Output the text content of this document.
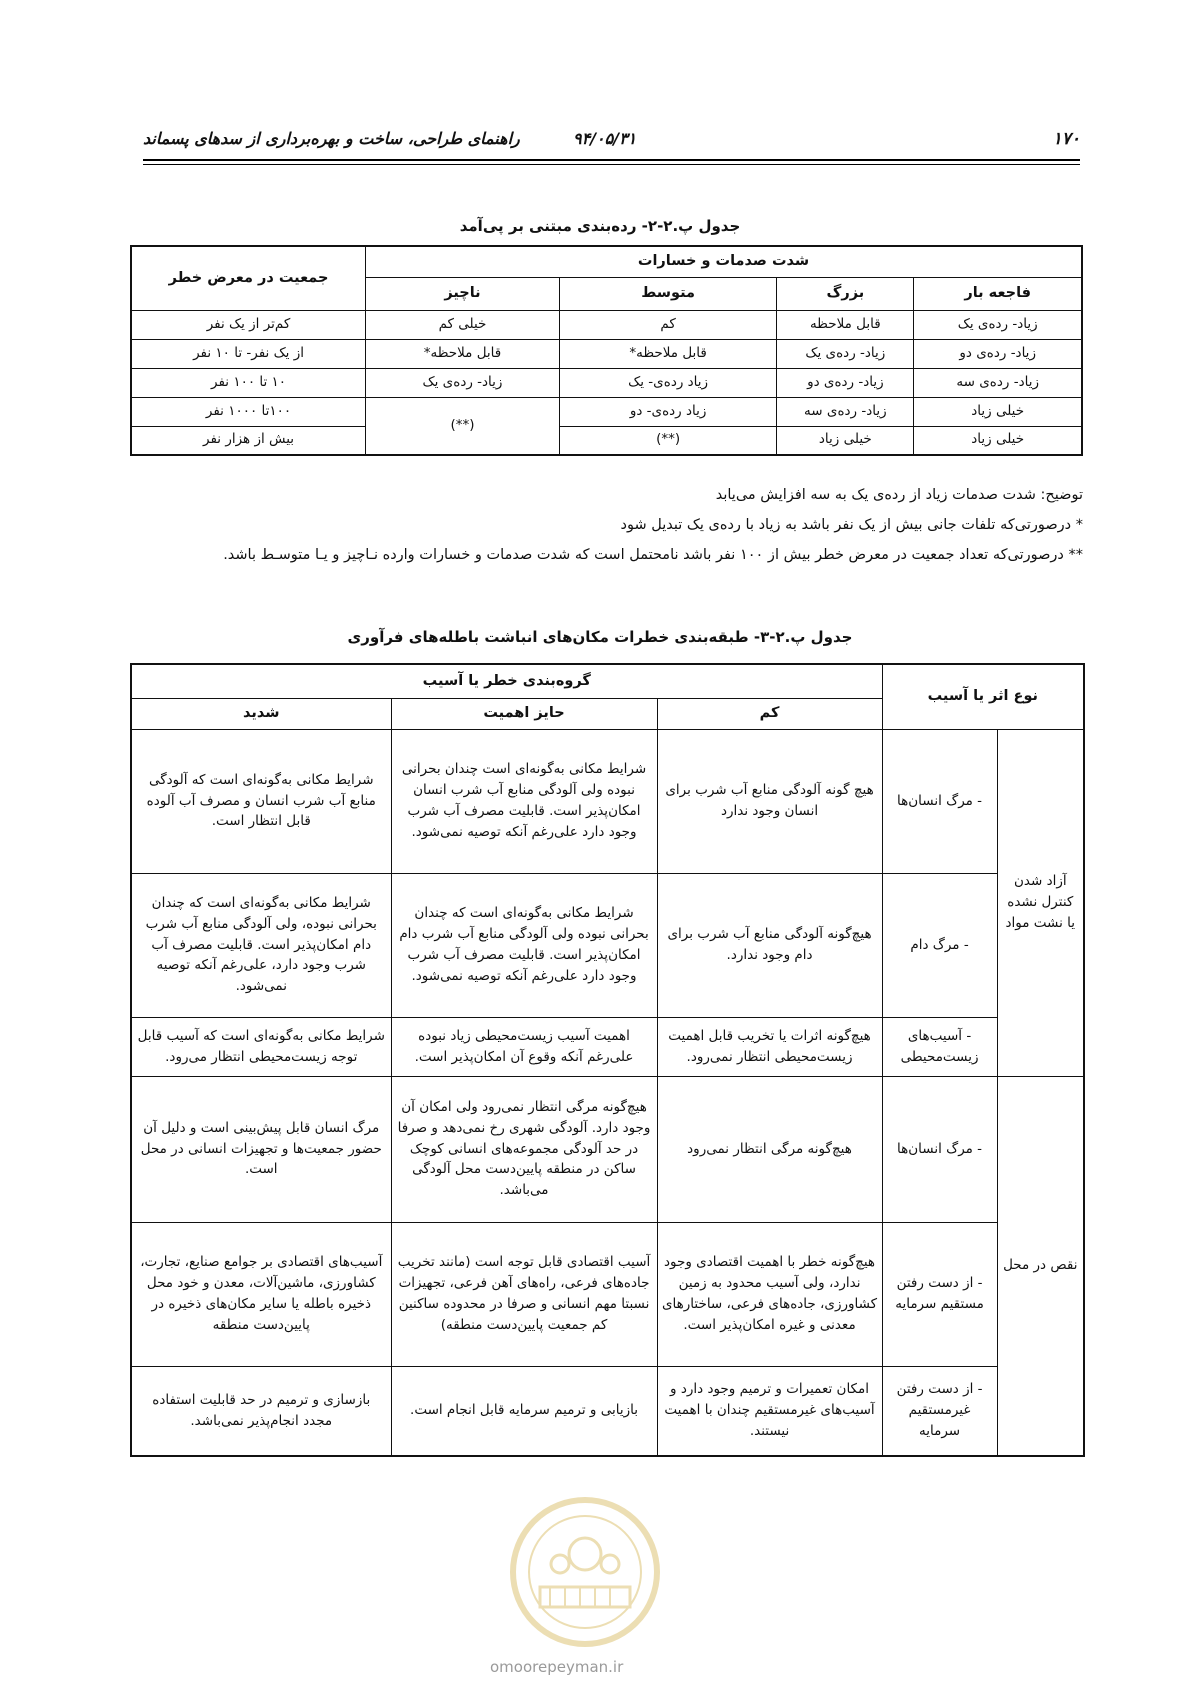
۱۷۰
۹۴/۰۵/۳۱
راهنمای طراحی، ساخت و بهره‌برداری از سدهای پسماند
جدول پ.۲-۲- رده‌بندی مبتنی بر پی‌آمد
شدت صدمات و خسارات				جمعیت در معرض خطر
فاجعه بار	بزرگ	متوسط	ناچیز	
زیاد- رده‌ی یک	قابل ملاحظه	کم	خیلی کم	کم‌تر از یک نفر
زیاد- رده‌ی دو	زیاد- رده‌ی یک	قابل ملاحظه*	قابل ملاحظه*	از یک نفر- تا ۱۰ نفر
زیاد- رده‌ی سه	زیاد- رده‌ی دو	زیاد رده‌ی- یک	زیاد- رده‌ی یک	۱۰ تا ۱۰۰ نفر
خیلی زیاد	زیاد- رده‌ی سه	زیاد رده‌ی- دو	(**)	۱۰۰تا ۱۰۰۰ نفر
خیلی زیاد	خیلی زیاد	(**)		بیش از هزار نفر

توضیح: شدت صدمات زیاد از رده‌ی یک به سه افزایش می‌یابد

* درصورتی‌که تلفات جانی بیش از یک نفر باشد به زیاد با رده‌ی یک تبدیل شود

** درصورتی‌که تعداد جمعیت در معرض خطر بیش از ۱۰۰ نفر باشد نامحتمل است که شدت صدمات و خسارات وارده نـاچیز و یـا متوسـط باشد.

جدول پ.۲-۳- طبقه‌بندی خطرات مکان‌های انباشت باطله‌های فرآوری
نوع اثر یا آسیب		گروه‌بندی خطر یا آسیب		
		کم	حایز اهمیت	شدید
آزاد شدن کنترل نشده یا نشت مواد	- مرگ انسان‌ها	هیچ گونه آلودگی منابع آب شرب برای انسان وجود ندارد	شرایط مکانی به‌گونه‌ای است چندان بحرانی نبوده ولی آلودگی منابع آب شرب انسان امکان‌پذیر است. قابلیت مصرف آب شرب وجود دارد علی‌رغم آنکه توصیه نمی‌شود.	شرایط مکانی به‌گونه‌ای است که آلودگی منابع آب شرب انسان و مصرف آب آلوده قابل انتظار است.
	- مرگ دام	هیچ‌گونه آلودگی منابع آب شرب برای دام وجود ندارد.	شرایط مکانی به‌گونه‌ای است که چندان بحرانی نبوده ولی آلودگی منابع آب شرب دام امکان‌پذیر است. قابلیت مصرف آب شرب وجود دارد علی‌رغم آنکه توصیه نمی‌شود.	شرایط مکانی به‌گونه‌ای است که چندان بحرانی نبوده، ولی آلودگی منابع آب شرب دام امکان‌پذیر است. قابلیت مصرف آب شرب وجود دارد، علی‌رغم آنکه توصیه نمی‌شود.
	- آسیب‌های زیست‌محیطی	هیچ‌گونه اثرات یا تخریب قابل اهمیت زیست‌محیطی انتظار نمی‌رود.	اهمیت آسیب زیست‌محیطی زیاد نبوده علی‌رغم آنکه وقوع آن امکان‌پذیر است.	شرایط مکانی به‌گونه‌ای است که آسیب قابل توجه زیست‌محیطی انتظار می‌رود.
نقص در محل	- مرگ انسان‌ها	هیچ‌گونه مرگی انتظار نمی‌رود	هیچ‌گونه مرگی انتظار نمی‌رود ولی امکان آن وجود دارد. آلودگی شهری رخ نمی‌دهد و صرفا در حد آلودگی مجموعه‌های انسانی کوچک ساکن در منطقه پایین‌دست محل آلودگی می‌باشد.	مرگ انسان قابل پیش‌بینی است و دلیل آن حضور جمعیت‌ها و تجهیزات انسانی در محل است.
	- از دست رفتن مستقیم سرمایه	هیچ‌گونه خطر با اهمیت اقتصادی وجود ندارد، ولی آسیب محدود به زمین کشاورزی، جاده‌های فرعی، ساختارهای معدنی و غیره امکان‌پذیر است.	آسیب اقتصادی قابل توجه است (مانند تخریب جاده‌های فرعی، راه‌های آهن فرعی، تجهیزات نسبتا مهم انسانی و صرفا در محدوده ساکنین کم جمعیت پایین‌دست منطقه)	آسیب‌های اقتصادی بر جوامع صنایع، تجارت، کشاورزی، ماشین‌آلات، معدن و خود محل ذخیره باطله یا سایر مکان‌های ذخیره در پایین‌دست منطقه
	- از دست رفتن غیرمستقیم سرمایه	امکان تعمیرات و ترمیم وجود دارد و آسیب‌های غیرمستقیم چندان با اهمیت نیستند.	بازیابی و ترمیم سرمایه قابل انجام است.	بازسازی و ترمیم در حد قابلیت استفاده مجدد انجام‌پذیر نمی‌باشد.
omoorepeyman.ir
